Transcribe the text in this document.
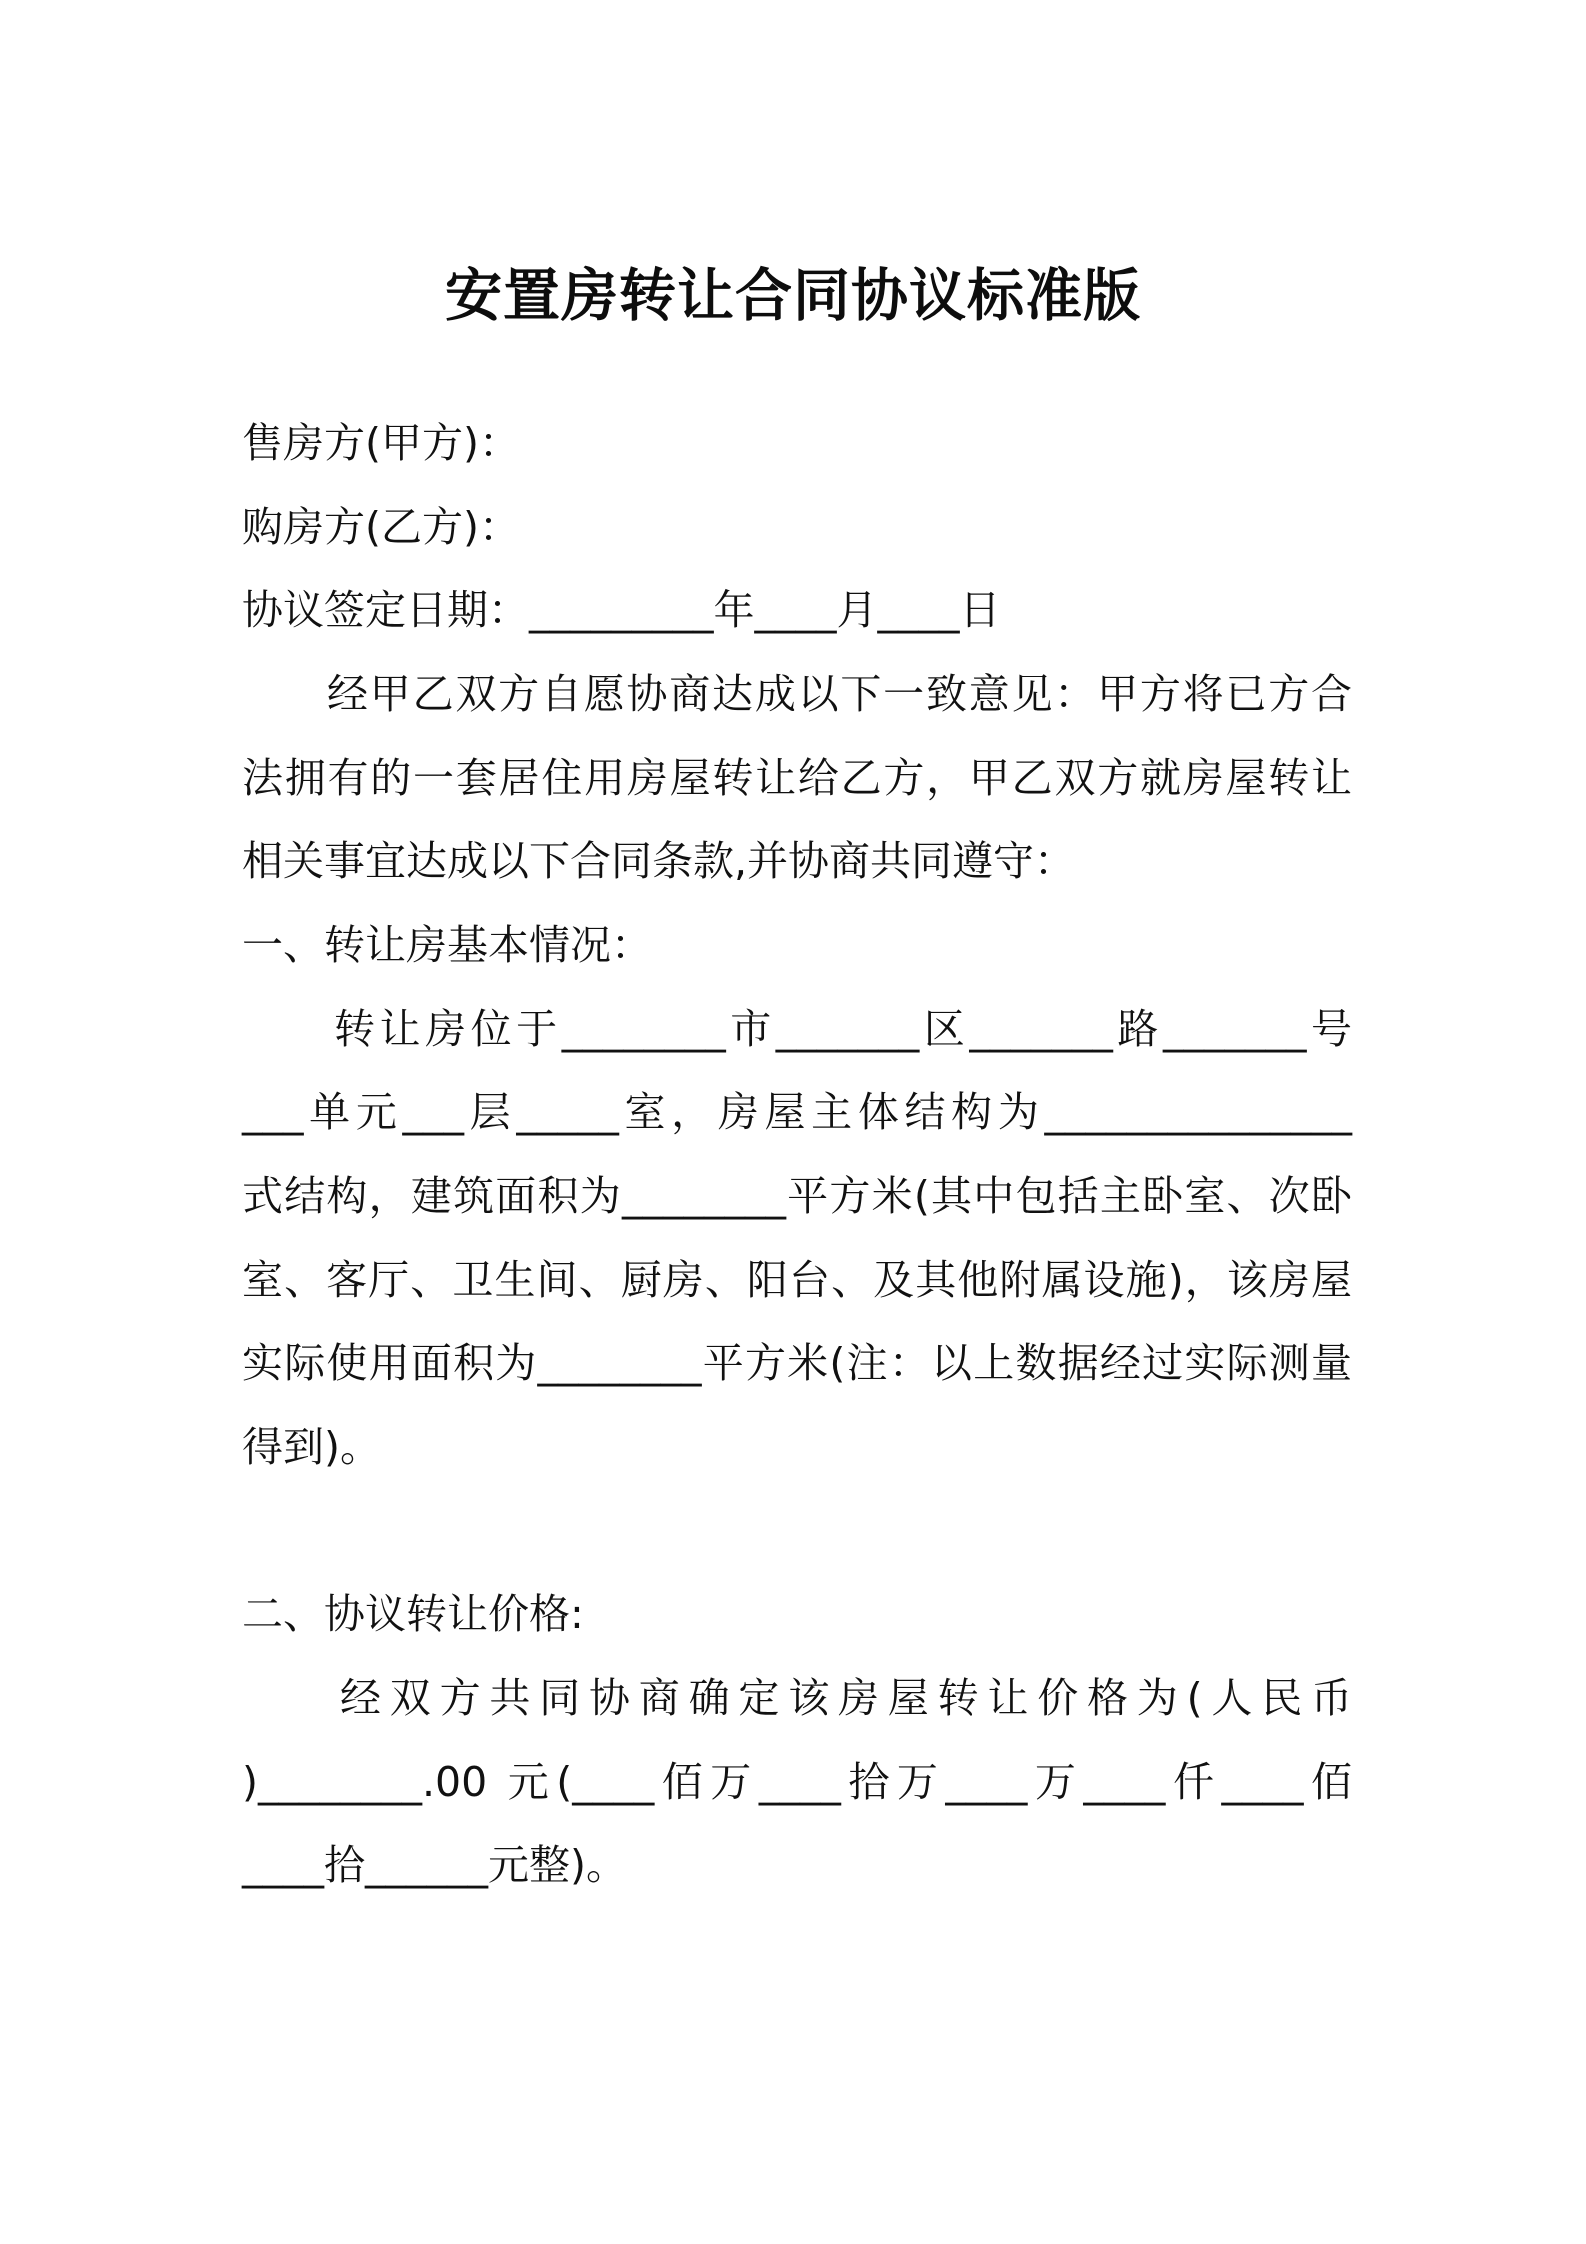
安置房转让合同协议标准版
售房方(甲方)：
购房方(乙方)：
协议签定日期：_________年____月____日
经甲乙双方自愿协商达成以下一致意见：甲方将已方合
法拥有的一套居住用房屋转让给乙方，甲乙双方就房屋转让
相关事宜达成以下合同条款,并协商共同遵守：
一、转让房基本情况：
转让房位于________市_______区_______路_______号
___单元___层_____室，房屋主体结构为_______________
式结构，建筑面积为________平方米(其中包括主卧室、次卧
室、客厅、卫生间、厨房、阳台、及其他附属设施)，该房屋
实际使用面积为________平方米(注：以上数据经过实际测量
得到)。
二、协议转让价格:
经双方共同协商确定该房屋转让价格为(人民币
)________.00 元(____佰万____拾万____万____仟____佰
____拾______元整)。
